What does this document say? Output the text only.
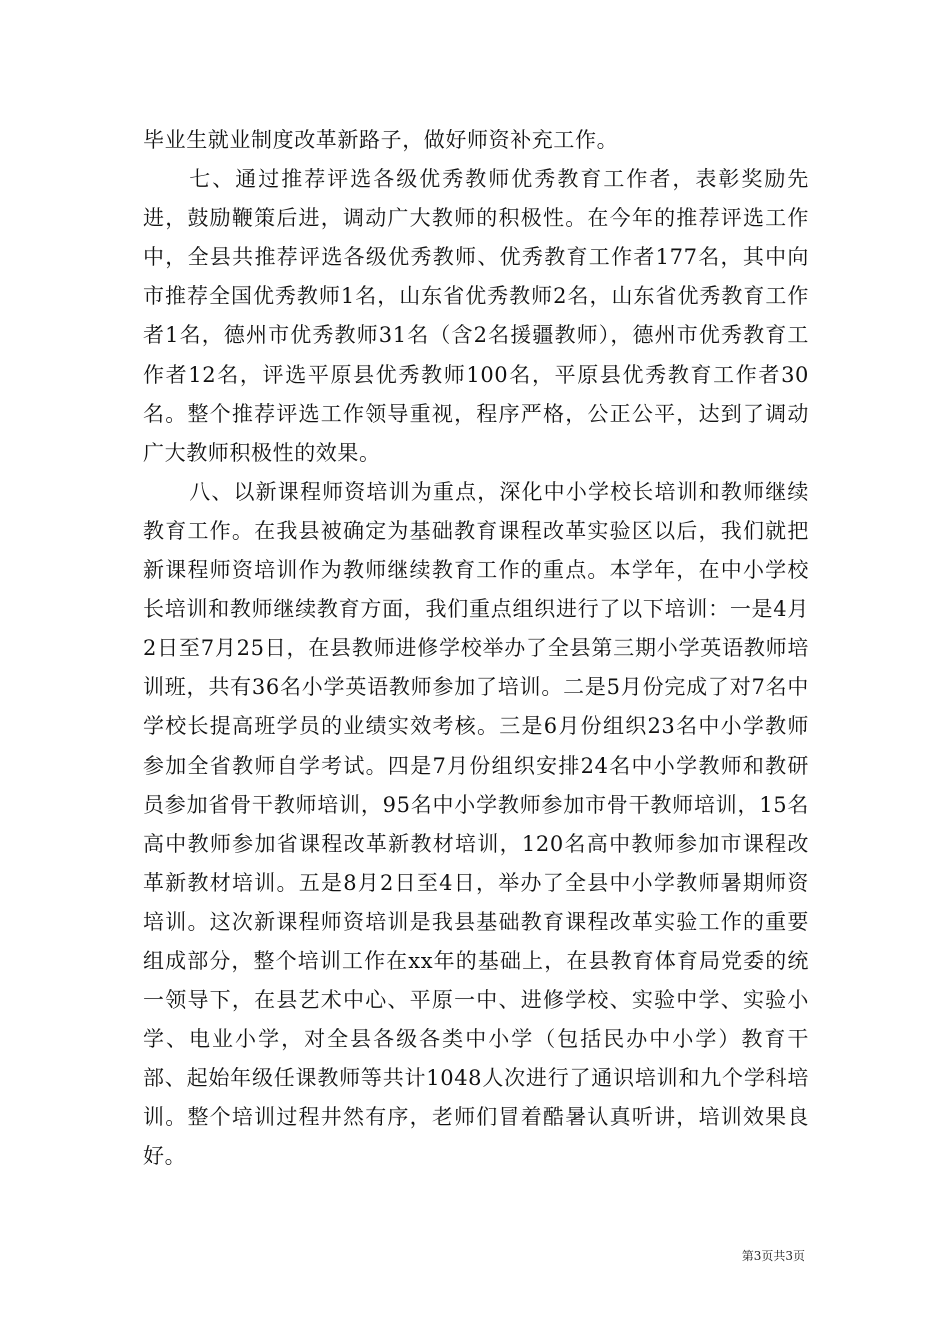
毕业生就业制度改革新路子，做好师资补充工作。

七、通过推荐评选各级优秀教师优秀教育工作者，表彰奖励先进，鼓励鞭策后进，调动广大教师的积极性。在今年的推荐评选工作中，全县共推荐评选各级优秀教师、优秀教育工作者177名，其中向市推荐全国优秀教师1名，山东省优秀教师2名，山东省优秀教育工作者1名，德州市优秀教师31名（含2名援疆教师），德州市优秀教育工作者12名，评选平原县优秀教师100名，平原县优秀教育工作者30名。整个推荐评选工作领导重视，程序严格，公正公平，达到了调动广大教师积极性的效果。

八、以新课程师资培训为重点，深化中小学校长培训和教师继续教育工作。在我县被确定为基础教育课程改革实验区以后，我们就把新课程师资培训作为教师继续教育工作的重点。本学年，在中小学校长培训和教师继续教育方面，我们重点组织进行了以下培训：一是4月2日至7月25日，在县教师进修学校举办了全县第三期小学英语教师培训班，共有36名小学英语教师参加了培训。二是5月份完成了对7名中学校长提高班学员的业绩实效考核。三是6月份组织23名中小学教师参加全省教师自学考试。四是7月份组织安排24名中小学教师和教研员参加省骨干教师培训，95名中小学教师参加市骨干教师培训，15名高中教师参加省课程改革新教材培训，120名高中教师参加市课程改革新教材培训。五是8月2日至4日，举办了全县中小学教师暑期师资培训。这次新课程师资培训是我县基础教育课程改革实验工作的重要组成部分，整个培训工作在xx年的基础上，在县教育体育局党委的统一领导下，在县艺术中心、平原一中、进修学校、实验中学、实验小学、电业小学，对全县各级各类中小学（包括民办中小学）教育干部、起始年级任课教师等共计1048人次进行了通识培训和九个学科培训。整个培训过程井然有序，老师们冒着酷暑认真听讲，培训效果良好。

第3页共3页
